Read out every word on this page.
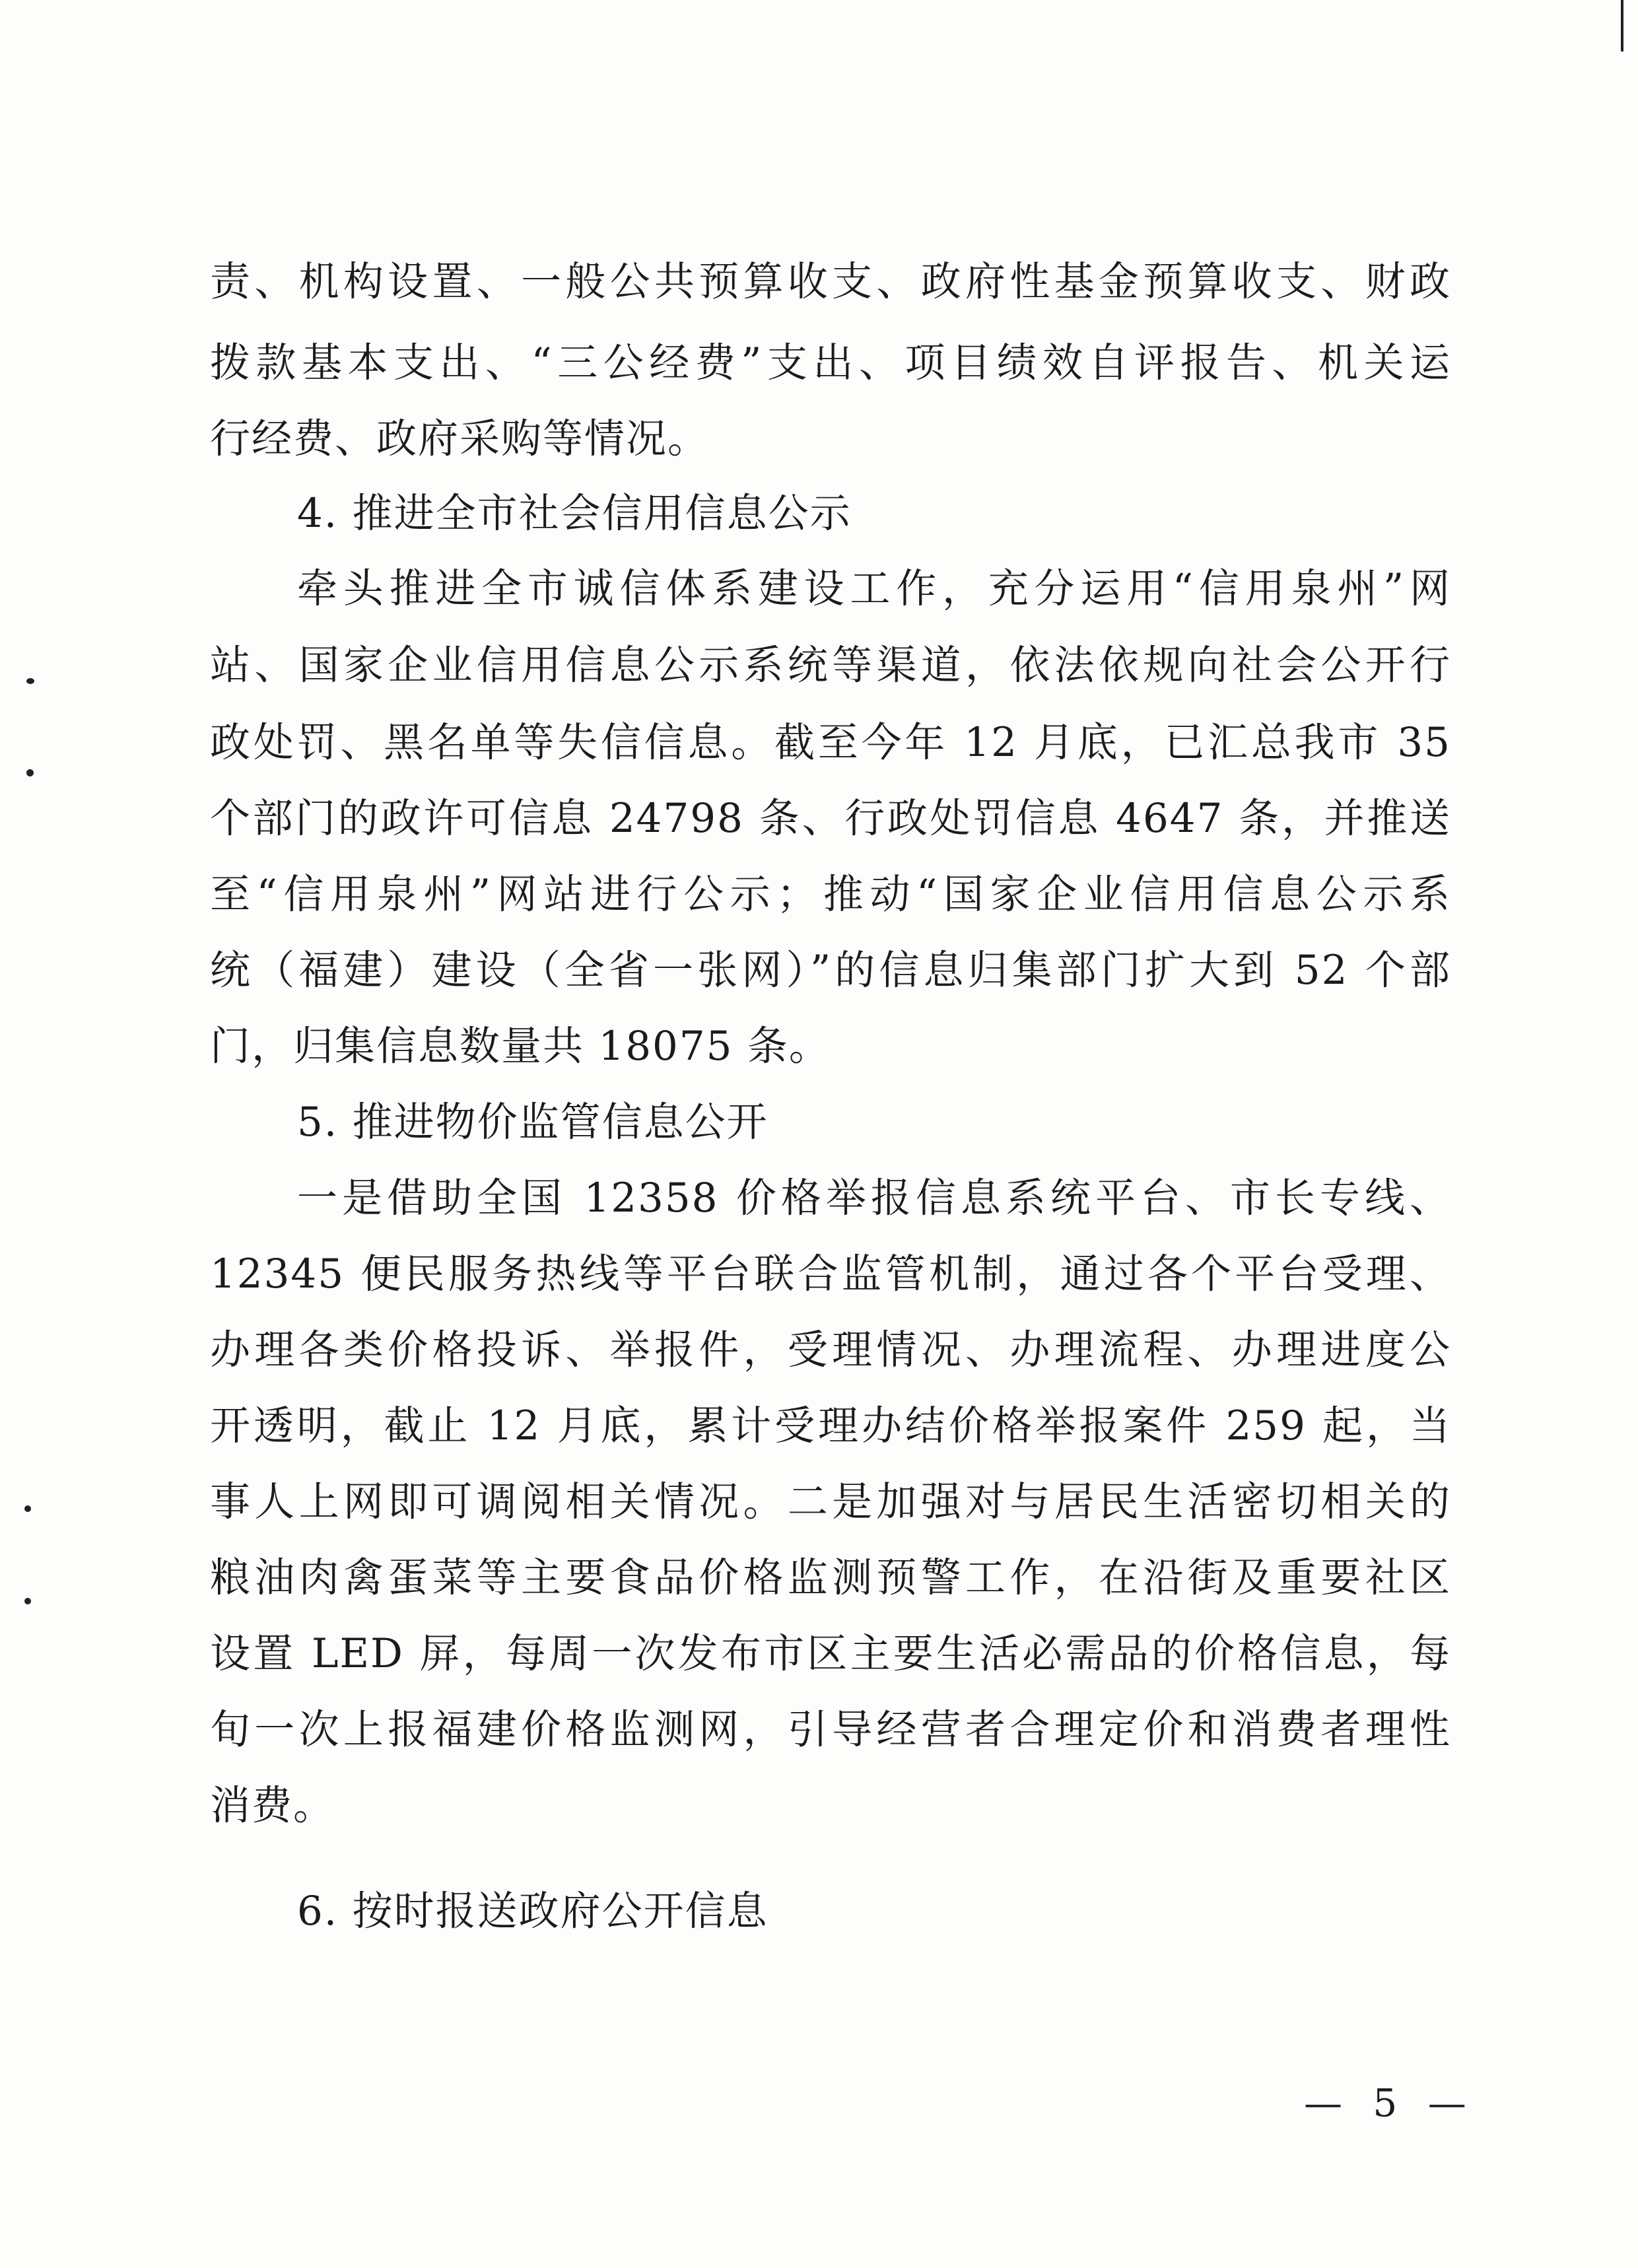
责、机构设置、一般公共预算收支、政府性基金预算收支、财政
拨款基本支出、“三公经费”支出、项目绩效自评报告、机关运
行经费、政府采购等情况。
4. 推进全市社会信用信息公示
牵头推进全市诚信体系建设工作，充分运用“信用泉州”网
站、国家企业信用信息公示系统等渠道，依法依规向社会公开行
政处罚、黑名单等失信信息。截至今年 12 月底，已汇总我市 35
个部门的政许可信息 24798 条、行政处罚信息 4647 条，并推送
至“信用泉州”网站进行公示；推动“国家企业信用信息公示系
统（福建）建设（全省一张网）”的信息归集部门扩大到 52 个部
门，归集信息数量共 18075 条。
5. 推进物价监管信息公开
一是借助全国 12358 价格举报信息系统平台、市长专线、
12345 便民服务热线等平台联合监管机制，通过各个平台受理、
办理各类价格投诉、举报件，受理情况、办理流程、办理进度公
开透明，截止 12 月底，累计受理办结价格举报案件 259 起，当
事人上网即可调阅相关情况。二是加强对与居民生活密切相关的
粮油肉禽蛋菜等主要食品价格监测预警工作，在沿街及重要社区
设置 LED 屏，每周一次发布市区主要生活必需品的价格信息，每
旬一次上报福建价格监测网，引导经营者合理定价和消费者理性
消费。
6. 按时报送政府公开信息
— 5 —
